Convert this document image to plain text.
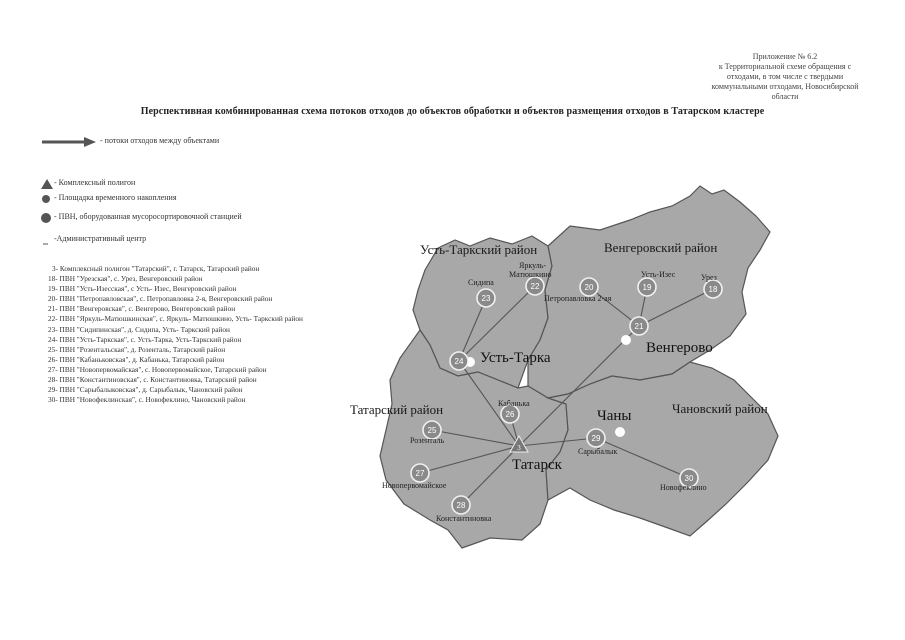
Приложение № 6.2
к Территориальной схеме обращения с
отходами, в том числе с твердыми
коммунальными отходами, Новосибирской
области
Перспективная комбинированная схема потоков отходов до объектов обработки и объектов размещения отходов в Татарском кластере
- потоки отходов между объектами
- Комплексный полигон
- Площадка временного накопления
- ПВН, оборудованная мусоросортировочной станцией
-Административный центр
3- Комплексный полигон "Татарский", г. Татарск, Татарский район
18- ПВН "Урезская", с. Урез, Венгеровский район
19- ПВН "Усть-Изесская", с Усть- Изес, Венгеровский район
20- ПВН "Петропавловская", с. Петропавловка 2-я, Венгеровский район
21- ПВН "Венгеровская", с. Венгерово, Венгеровский район
22- ПВН "Яркуль-Матюшкинская", с. Яркуль- Матюшкино, Усть- Таркский район
23- ПВН "Сидипинская", д. Сидипа, Усть- Таркский район
24- ПВН "Усть-Таркская", с. Усть-Тарка, Усть-Таркский район
25- ПВН "Розентальская", д. Розенталь, Татарский район
26- ПВН "Кабаньковская", д. Кабанька, Татарский район
27- ПВН "Новопервомайская", с. Новопервомайское, Татарский район
28- ПВН "Константиновская", с. Константиновка, Татарский район
29- ПВН "Сарыбалыковская", д. Сарыбалык, Чановский район
30- ПВН "Новофеклинская", с. Новофеклино, Чановский район
3
18
19
20
21
22
23
24
25
26
27
28
29
30
Усть-Таркский район	Венгеровский район
Татарский район	Чановский район
Усть-Тарка
Венгерово
Татарск
Чаны
Яркуль-
Матюшкино
Сидипа
Усть-Изес	Урез
Петропавловка 2-ая
Кабанька
Розенталь
Сарыбалык
Новопервомайское
Константиновка
Новофеклино
